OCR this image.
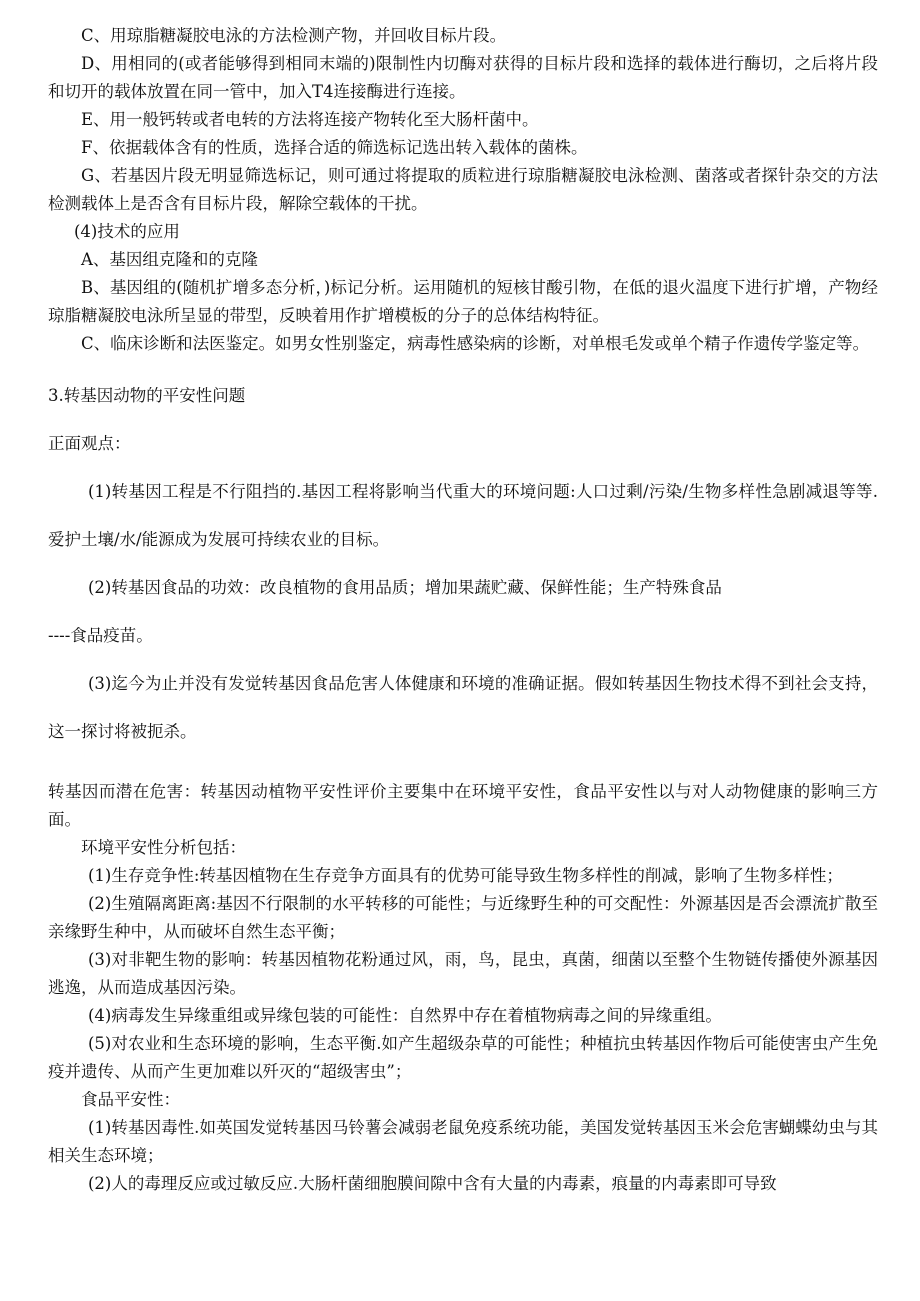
C、用琼脂糖凝胶电泳的方法检测产物，并回收目标片段。

D、用相同的(或者能够得到相同末端的)限制性内切酶对获得的目标片段和选择的载体进行酶切，之后将片段和切开的载体放置在同一管中，加入T4连接酶进行连接。

E、用一般钙转或者电转的方法将连接产物转化至大肠杆菌中。

F、依据载体含有的性质，选择合适的筛选标记选出转入载体的菌株。

G、若基因片段无明显筛选标记，则可通过将提取的质粒进行琼脂糖凝胶电泳检测、菌落或者探针杂交的方法检测载体上是否含有目标片段，解除空载体的干扰。

(4)技术的应用

A、基因组克隆和的克隆

B、基因组的(随机扩增多态分析，)标记分析。运用随机的短核甘酸引物，在低的退火温度下进行扩增，产物经琼脂糖凝胶电泳所呈显的带型，反映着用作扩增模板的分子的总体结构特征。

C、临床诊断和法医鉴定。如男女性别鉴定，病毒性感染病的诊断，对单根毛发或单个精子作遗传学鉴定等。

3.转基因动物的平安性问题

正面观点：

(1)转基因工程是不行阻挡的.基因工程将影响当代重大的环境问题:人口过剩/污染/生物多样性急剧减退等等.爱护土壤/水/能源成为发展可持续农业的目标。

(2)转基因食品的功效：改良植物的食用品质；增加果蔬贮藏、保鲜性能；生产特殊食品

----食品疫苗。

(3)迄今为止并没有发觉转基因食品危害人体健康和环境的准确证据。假如转基因生物技术得不到社会支持，这一探讨将被扼杀。

转基因而潜在危害：转基因动植物平安性评价主要集中在环境平安性，食品平安性以与对人动物健康的影响三方面。

环境平安性分析包括：

(1)生存竞争性:转基因植物在生存竞争方面具有的优势可能导致生物多样性的削减，影响了生物多样性；

(2)生殖隔离距离:基因不行限制的水平转移的可能性；与近缘野生种的可交配性：外源基因是否会漂流扩散至亲缘野生种中，从而破坏自然生态平衡；

(3)对非靶生物的影响：转基因植物花粉通过风，雨，鸟，昆虫，真菌，细菌以至整个生物链传播使外源基因逃逸，从而造成基因污染。

(4)病毒发生异缘重组或异缘包装的可能性：自然界中存在着植物病毒之间的异缘重组。

(5)对农业和生态环境的影响，生态平衡.如产生超级杂草的可能性；种植抗虫转基因作物后可能使害虫产生免疫并遗传、从而产生更加难以歼灭的“超级害虫”；

食品平安性：

(1)转基因毒性.如英国发觉转基因马铃薯会减弱老鼠免疫系统功能，美国发觉转基因玉米会危害蝴蝶幼虫与其相关生态环境；

(2)人的毒理反应或过敏反应.大肠杆菌细胞膜间隙中含有大量的内毒素，痕量的内毒素即可导致
